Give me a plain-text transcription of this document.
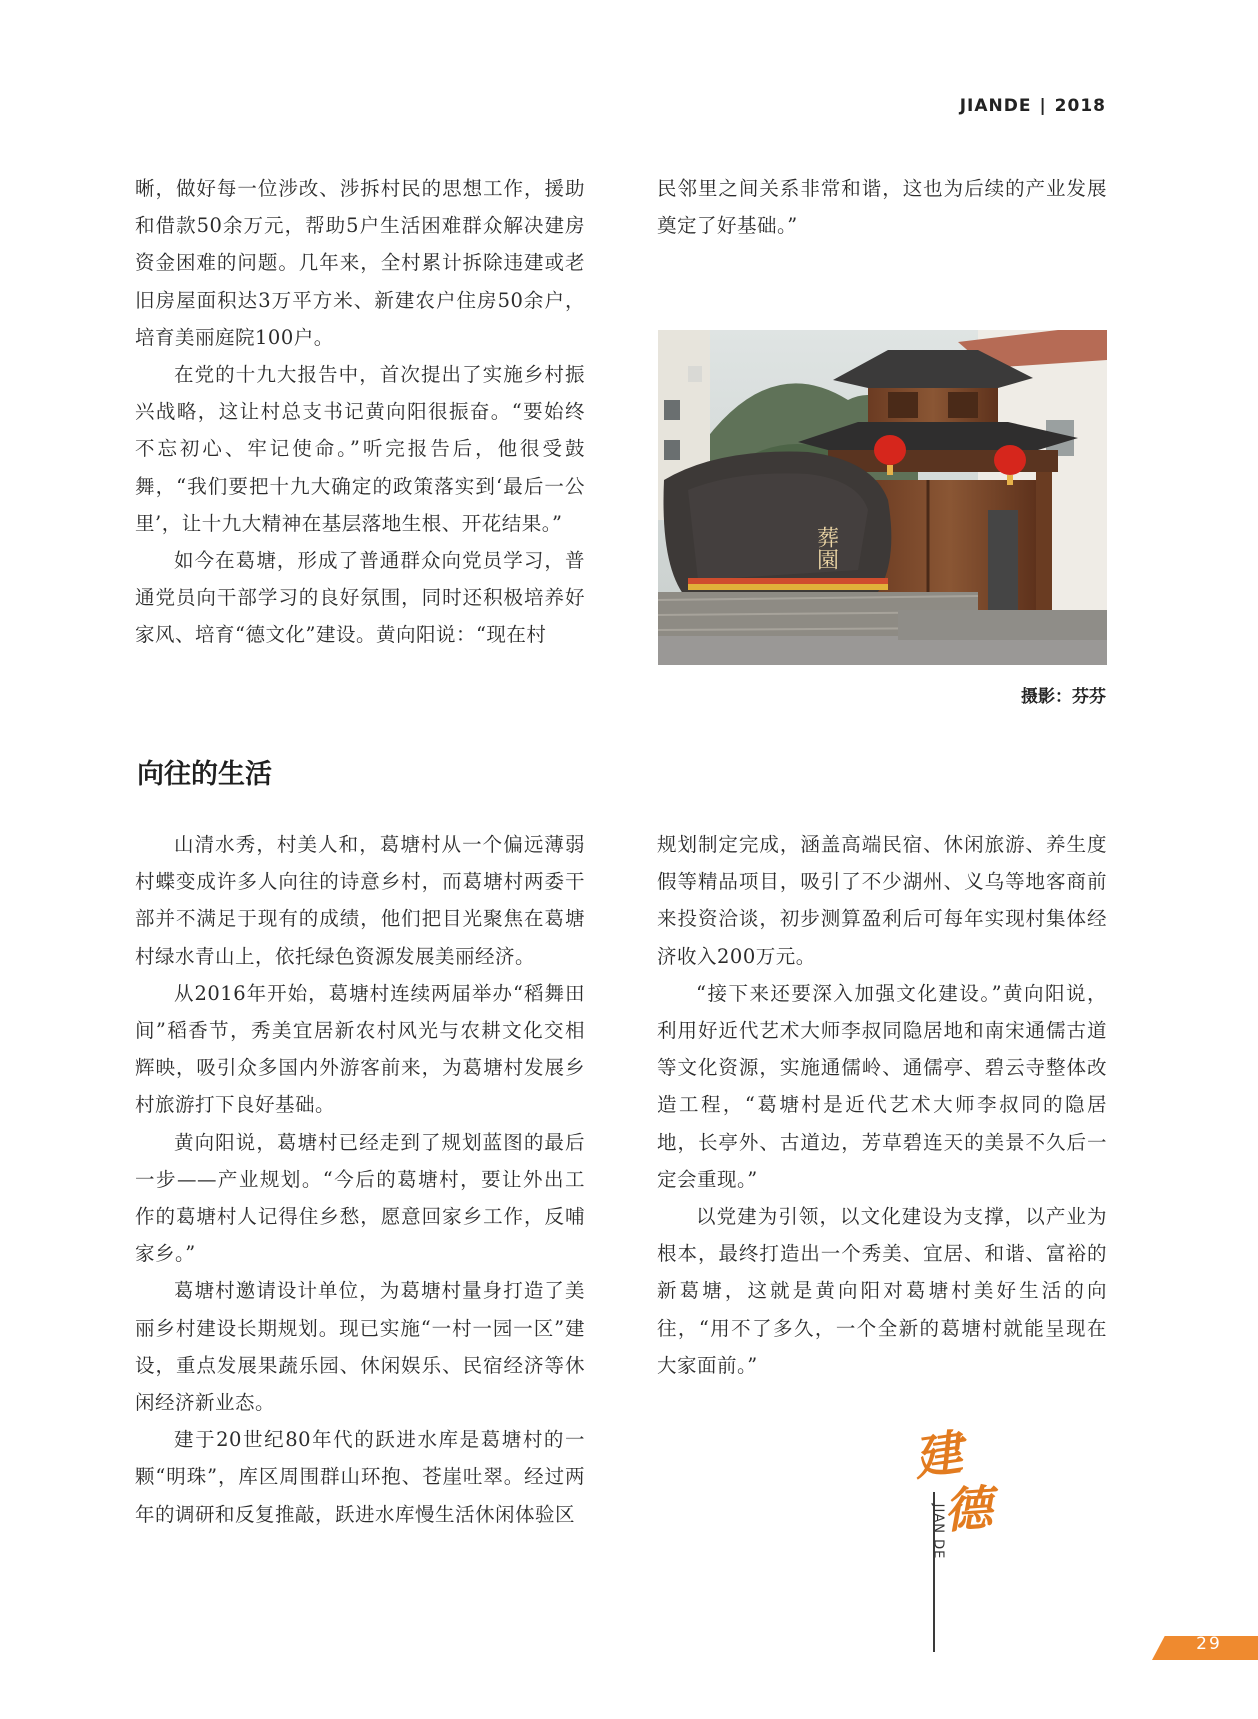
JIANDE | 2018

晰，做好每一位涉改、涉拆村民的思想工作，援助和借款50余万元，帮助5户生活困难群众解决建房资金困难的问题。几年来，全村累计拆除违建或老旧房屋面积达3万平方米、新建农户住房50余户，培育美丽庭院100户。

在党的十九大报告中，首次提出了实施乡村振兴战略，这让村总支书记黄向阳很振奋。“要始终不忘初心、牢记使命。”听完报告后，他很受鼓舞，“我们要把十九大确定的政策落实到‘最后一公里’，让十九大精神在基层落地生根、开花结果。”

如今在葛塘，形成了普通群众向党员学习，普通党员向干部学习的良好氛围，同时还积极培养好家风、培育“德文化”建设。黄向阳说：“现在村

民邻里之间关系非常和谐，这也为后续的产业发展奠定了好基础。”

葬園
摄影：芬芬
向往的生活

山清水秀，村美人和，葛塘村从一个偏远薄弱村蝶变成许多人向往的诗意乡村，而葛塘村两委干部并不满足于现有的成绩，他们把目光聚焦在葛塘村绿水青山上，依托绿色资源发展美丽经济。

从2016年开始，葛塘村连续两届举办“稻舞田间”稻香节，秀美宜居新农村风光与农耕文化交相辉映，吸引众多国内外游客前来，为葛塘村发展乡村旅游打下良好基础。

黄向阳说，葛塘村已经走到了规划蓝图的最后一步——产业规划。“今后的葛塘村，要让外出工作的葛塘村人记得住乡愁，愿意回家乡工作，反哺家乡。”

葛塘村邀请设计单位，为葛塘村量身打造了美丽乡村建设长期规划。现已实施“一村一园一区”建设，重点发展果蔬乐园、休闲娱乐、民宿经济等休闲经济新业态。

建于20世纪80年代的跃进水库是葛塘村的一颗“明珠”，库区周围群山环抱、苍崖吐翠。经过两年的调研和反复推敲，跃进水库慢生活休闲体验区

规划制定完成，涵盖高端民宿、休闲旅游、养生度假等精品项目，吸引了不少湖州、义乌等地客商前来投资洽谈，初步测算盈利后可每年实现村集体经济收入200万元。

“接下来还要深入加强文化建设。”黄向阳说，利用好近代艺术大师李叔同隐居地和南宋通儒古道等文化资源，实施通儒岭、通儒亭、碧云寺整体改造工程，“葛塘村是近代艺术大师李叔同的隐居地，长亭外、古道边，芳草碧连天的美景不久后一定会重现。”

以党建为引领，以文化建设为支撑，以产业为根本，最终打造出一个秀美、宜居、和谐、富裕的新葛塘，这就是黄向阳对葛塘村美好生活的向往，“用不了多久，一个全新的葛塘村就能呈现在大家面前。”

建
德
JIAN DE
29
